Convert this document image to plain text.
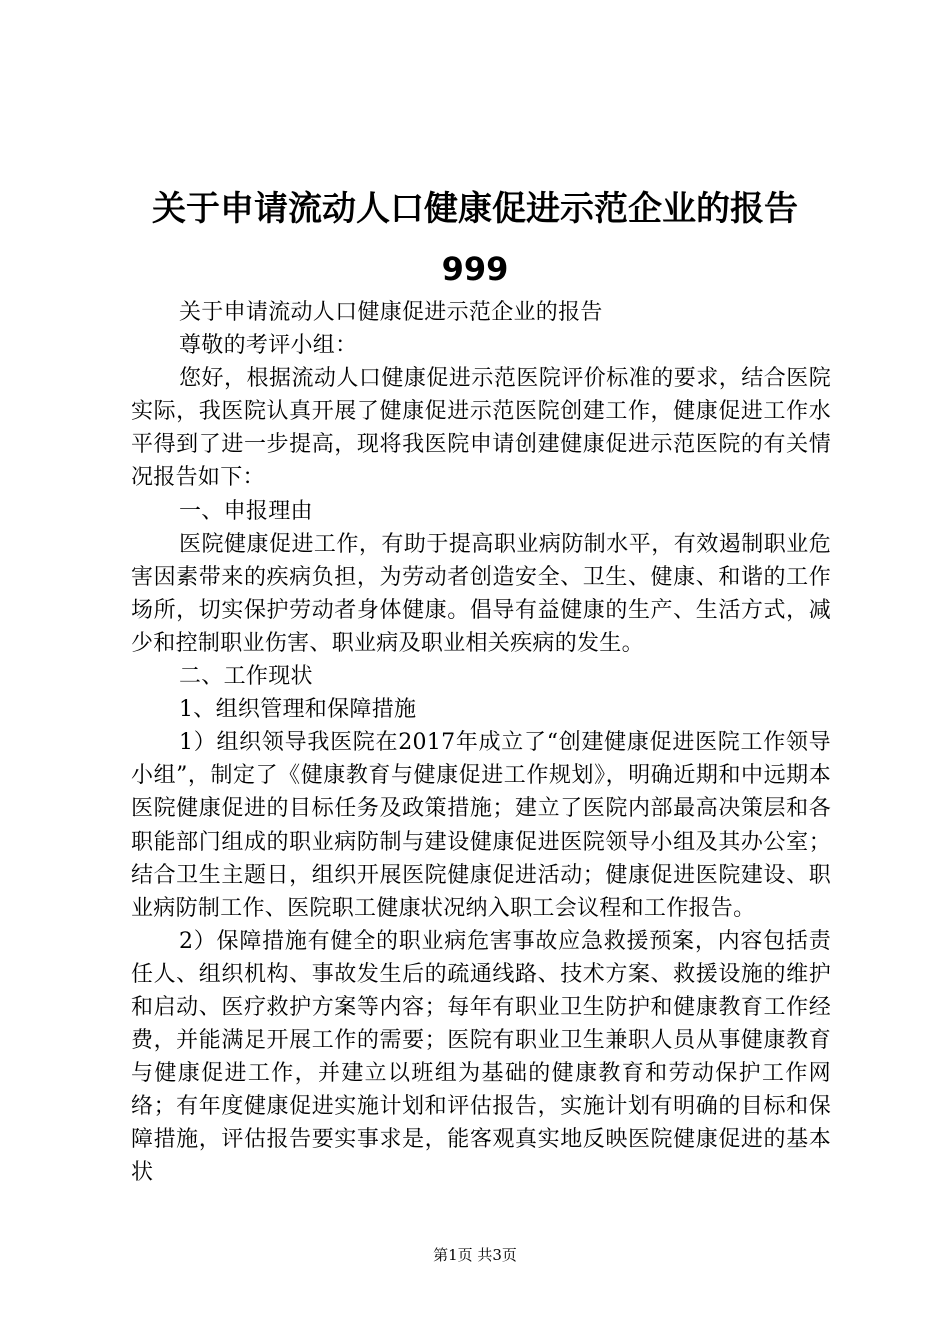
关于申请流动人口健康促进示范企业的报告
999

关于申请流动人口健康促进示范企业的报告

尊敬的考评小组：

您好，根据流动人口健康促进示范医院评价标准的要求，结合医院实际，我医院认真开展了健康促进示范医院创建工作，健康促进工作水平得到了进一步提高，现将我医院申请创建健康促进示范医院的有关情况报告如下：

一、申报理由

医院健康促进工作，有助于提高职业病防制水平，有效遏制职业危害因素带来的疾病负担，为劳动者创造安全、卫生、健康、和谐的工作场所，切实保护劳动者身体健康。倡导有益健康的生产、生活方式，减少和控制职业伤害、职业病及职业相关疾病的发生。

二、工作现状

1、组织管理和保障措施

1）组织领导我医院在2017年成立了“创建健康促进医院工作领导小组”，制定了《健康教育与健康促进工作规划》，明确近期和中远期本医院健康促进的目标任务及政策措施；建立了医院内部最高决策层和各职能部门组成的职业病防制与建设健康促进医院领导小组及其办公室；结合卫生主题日，组织开展医院健康促进活动；健康促进医院建设、职业病防制工作、医院职工健康状况纳入职工会议程和工作报告。

2）保障措施有健全的职业病危害事故应急救援预案，内容包括责任人、组织机构、事故发生后的疏通线路、技术方案、救援设施的维护和启动、医疗救护方案等内容；每年有职业卫生防护和健康教育工作经费，并能满足开展工作的需要；医院有职业卫生兼职人员从事健康教育与健康促进工作，并建立以班组为基础的健康教育和劳动保护工作网络；有年度健康促进实施计划和评估报告，实施计划有明确的目标和保障措施，评估报告要实事求是，能客观真实地反映医院健康促进的基本状

第1页 共3页
